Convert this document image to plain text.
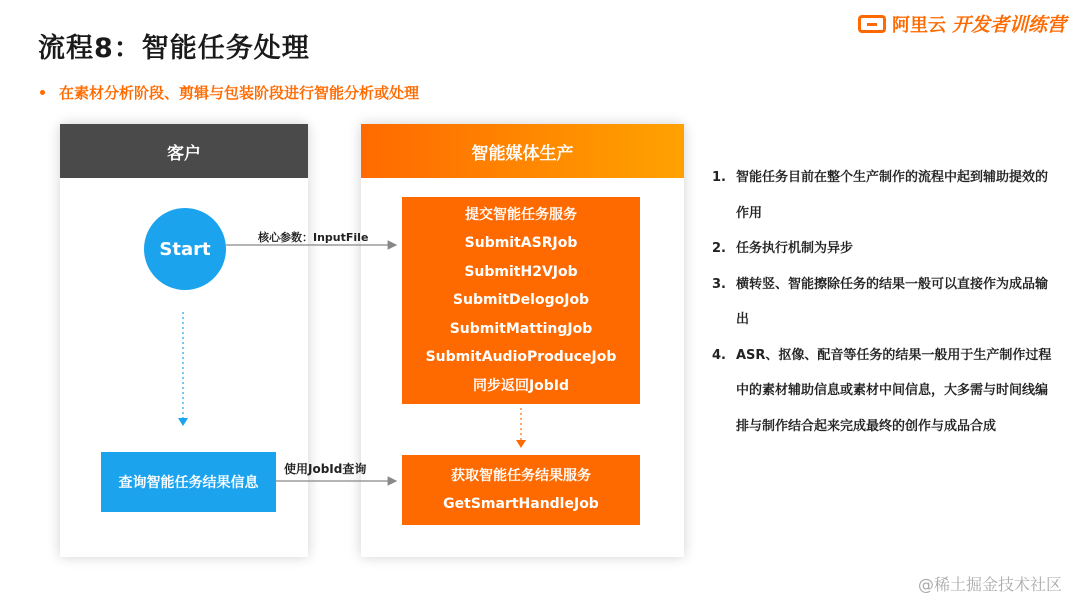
流程8：智能任务处理
阿里云 开发者训练营
在素材分析阶段、剪辑与包装阶段进行智能分析或处理
客户	智能媒体生产
Start
查询智能任务结果信息
提交智能任务服务
SubmitASRJob
SubmitH2VJob
SubmitDelogoJob
SubmitMattingJob
SubmitAudioProduceJob
同步返回JobId
获取智能任务结果服务
GetSmartHandleJob
核心参数：InputFile
使用JobId查询
1. 智能任务目前在整个生产制作的流程中起到辅助提效的作用
2. 任务执行机制为异步
3. 横转竖、智能擦除任务的结果一般可以直接作为成品输出
4. ASR、抠像、配音等任务的结果一般用于生产制作过程中的素材辅助信息或素材中间信息，大多需与时间线编排与制作结合起来完成最终的创作与成品合成
@稀土掘金技术社区
